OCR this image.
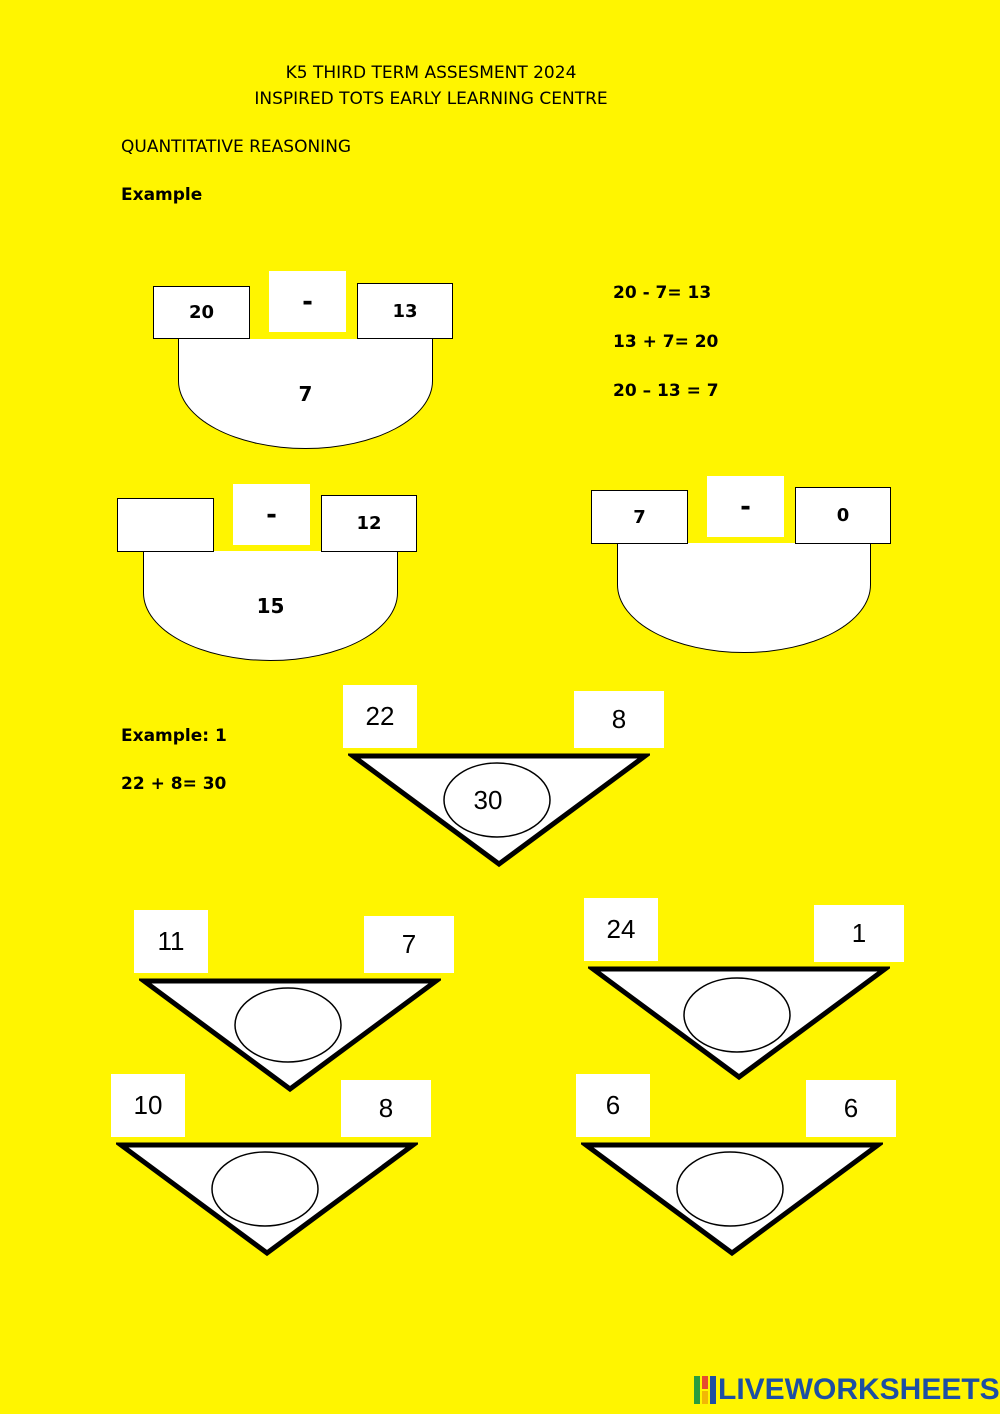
K5 THIRD TERM ASSESMENT 2024
INSPIRED TOTS EARLY LEARNING CENTRE
QUANTITATIVE REASONING
Example
7
20	-	13
20 - 7= 13
13 + 7= 20
20 – 13 = 7
15
-	12	7	-	0
Example: 1
22 + 8= 30
30
22	8
11	7	24	1
10	8	6	6
LIVEWORKSHEETS
